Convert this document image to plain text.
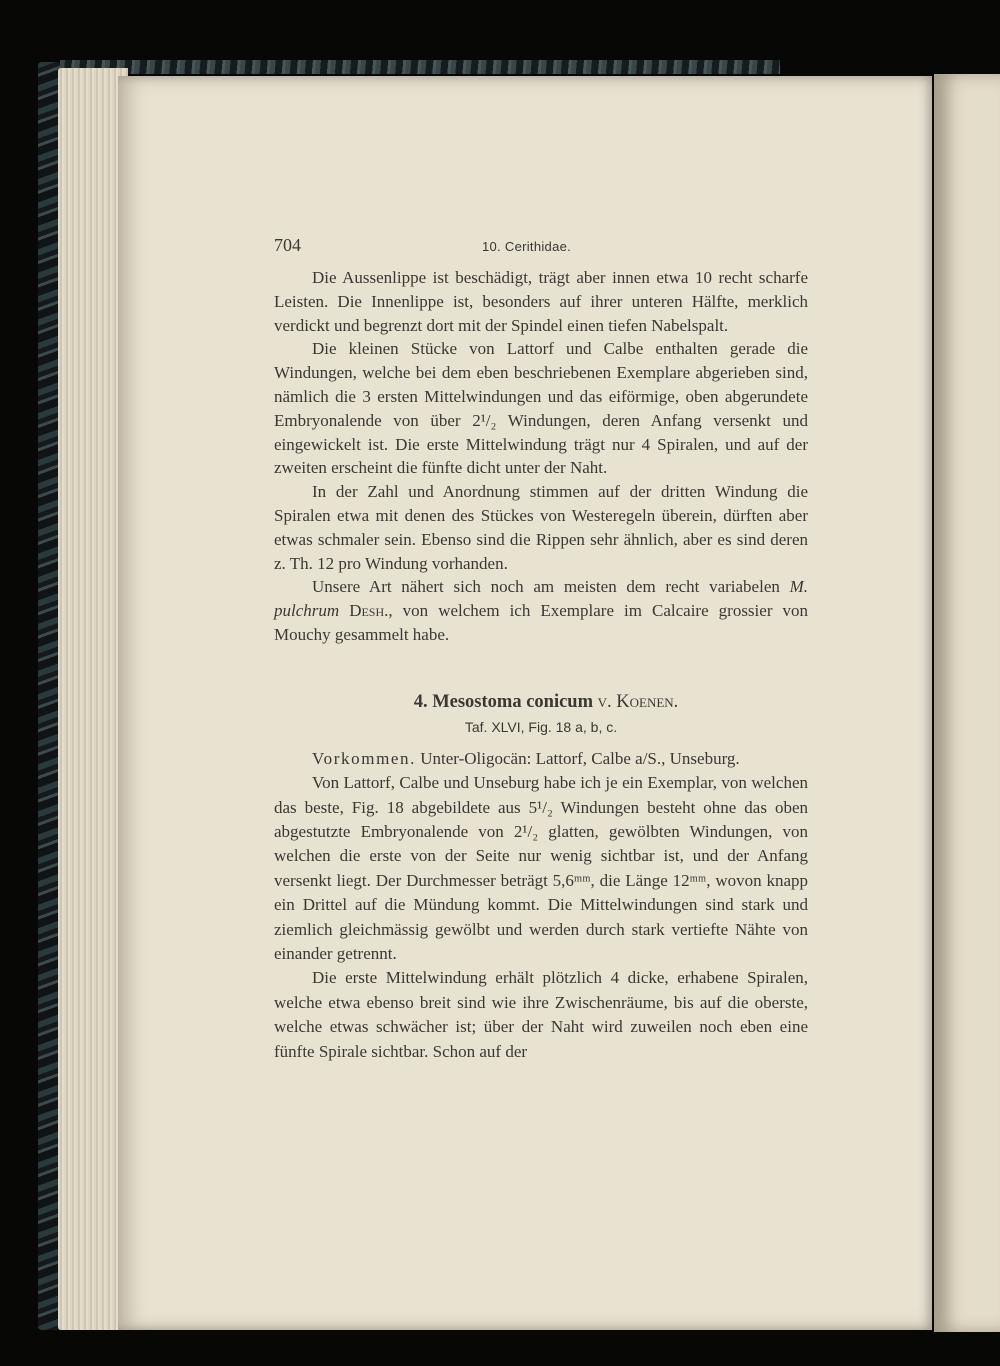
704	10. Cerithidae.

Die Aussenlippe ist beschädigt, trägt aber innen etwa 10 recht scharfe Leisten. Die Innenlippe ist, besonders auf ihrer unteren Hälfte, merklich verdickt und begrenzt dort mit der Spindel einen tiefen Nabelspalt.

Die kleinen Stücke von Lattorf und Calbe enthalten gerade die Windungen, welche bei dem eben beschriebenen Exemplare abgerieben sind, nämlich die 3 ersten Mittelwindungen und das eiförmige, oben abgerundete Embryonalende von über 2¹/₂ Windungen, deren Anfang versenkt und eingewickelt ist. Die erste Mittelwindung trägt nur 4 Spiralen, und auf der zweiten erscheint die fünfte dicht unter der Naht.

In der Zahl und Anordnung stimmen auf der dritten Windung die Spiralen etwa mit denen des Stückes von Westeregeln überein, dürften aber etwas schmaler sein. Ebenso sind die Rippen sehr ähnlich, aber es sind deren z. Th. 12 pro Windung vorhanden.

Unsere Art nähert sich noch am meisten dem recht variabelen M. pulchrum Desh., von welchem ich Exemplare im Calcaire grossier von Mouchy gesammelt habe.

4. Mesostoma conicum v. Koenen.
Taf. XLVI, Fig. 18 a, b, c.

Vorkommen. Unter-Oligocän: Lattorf, Calbe a/S., Unseburg.

Von Lattorf, Calbe und Unseburg habe ich je ein Exemplar, von welchen das beste, Fig. 18 abgebildete aus 5¹/₂ Windungen besteht ohne das oben abgestutzte Embryonalende von 2¹/₂ glatten, gewölbten Windungen, von welchen die erste von der Seite nur wenig sichtbar ist, und der Anfang versenkt liegt. Der Durchmesser beträgt 5,6ᵐᵐ, die Länge 12ᵐᵐ, wovon knapp ein Drittel auf die Mündung kommt. Die Mittelwindungen sind stark und ziemlich gleichmässig gewölbt und werden durch stark vertiefte Nähte von einander getrennt.

Die erste Mittelwindung erhält plötzlich 4 dicke, erhabene Spiralen, welche etwa ebenso breit sind wie ihre Zwischenräume, bis auf die oberste, welche etwas schwächer ist; über der Naht wird zuweilen noch eben eine fünfte Spirale sichtbar. Schon auf der
